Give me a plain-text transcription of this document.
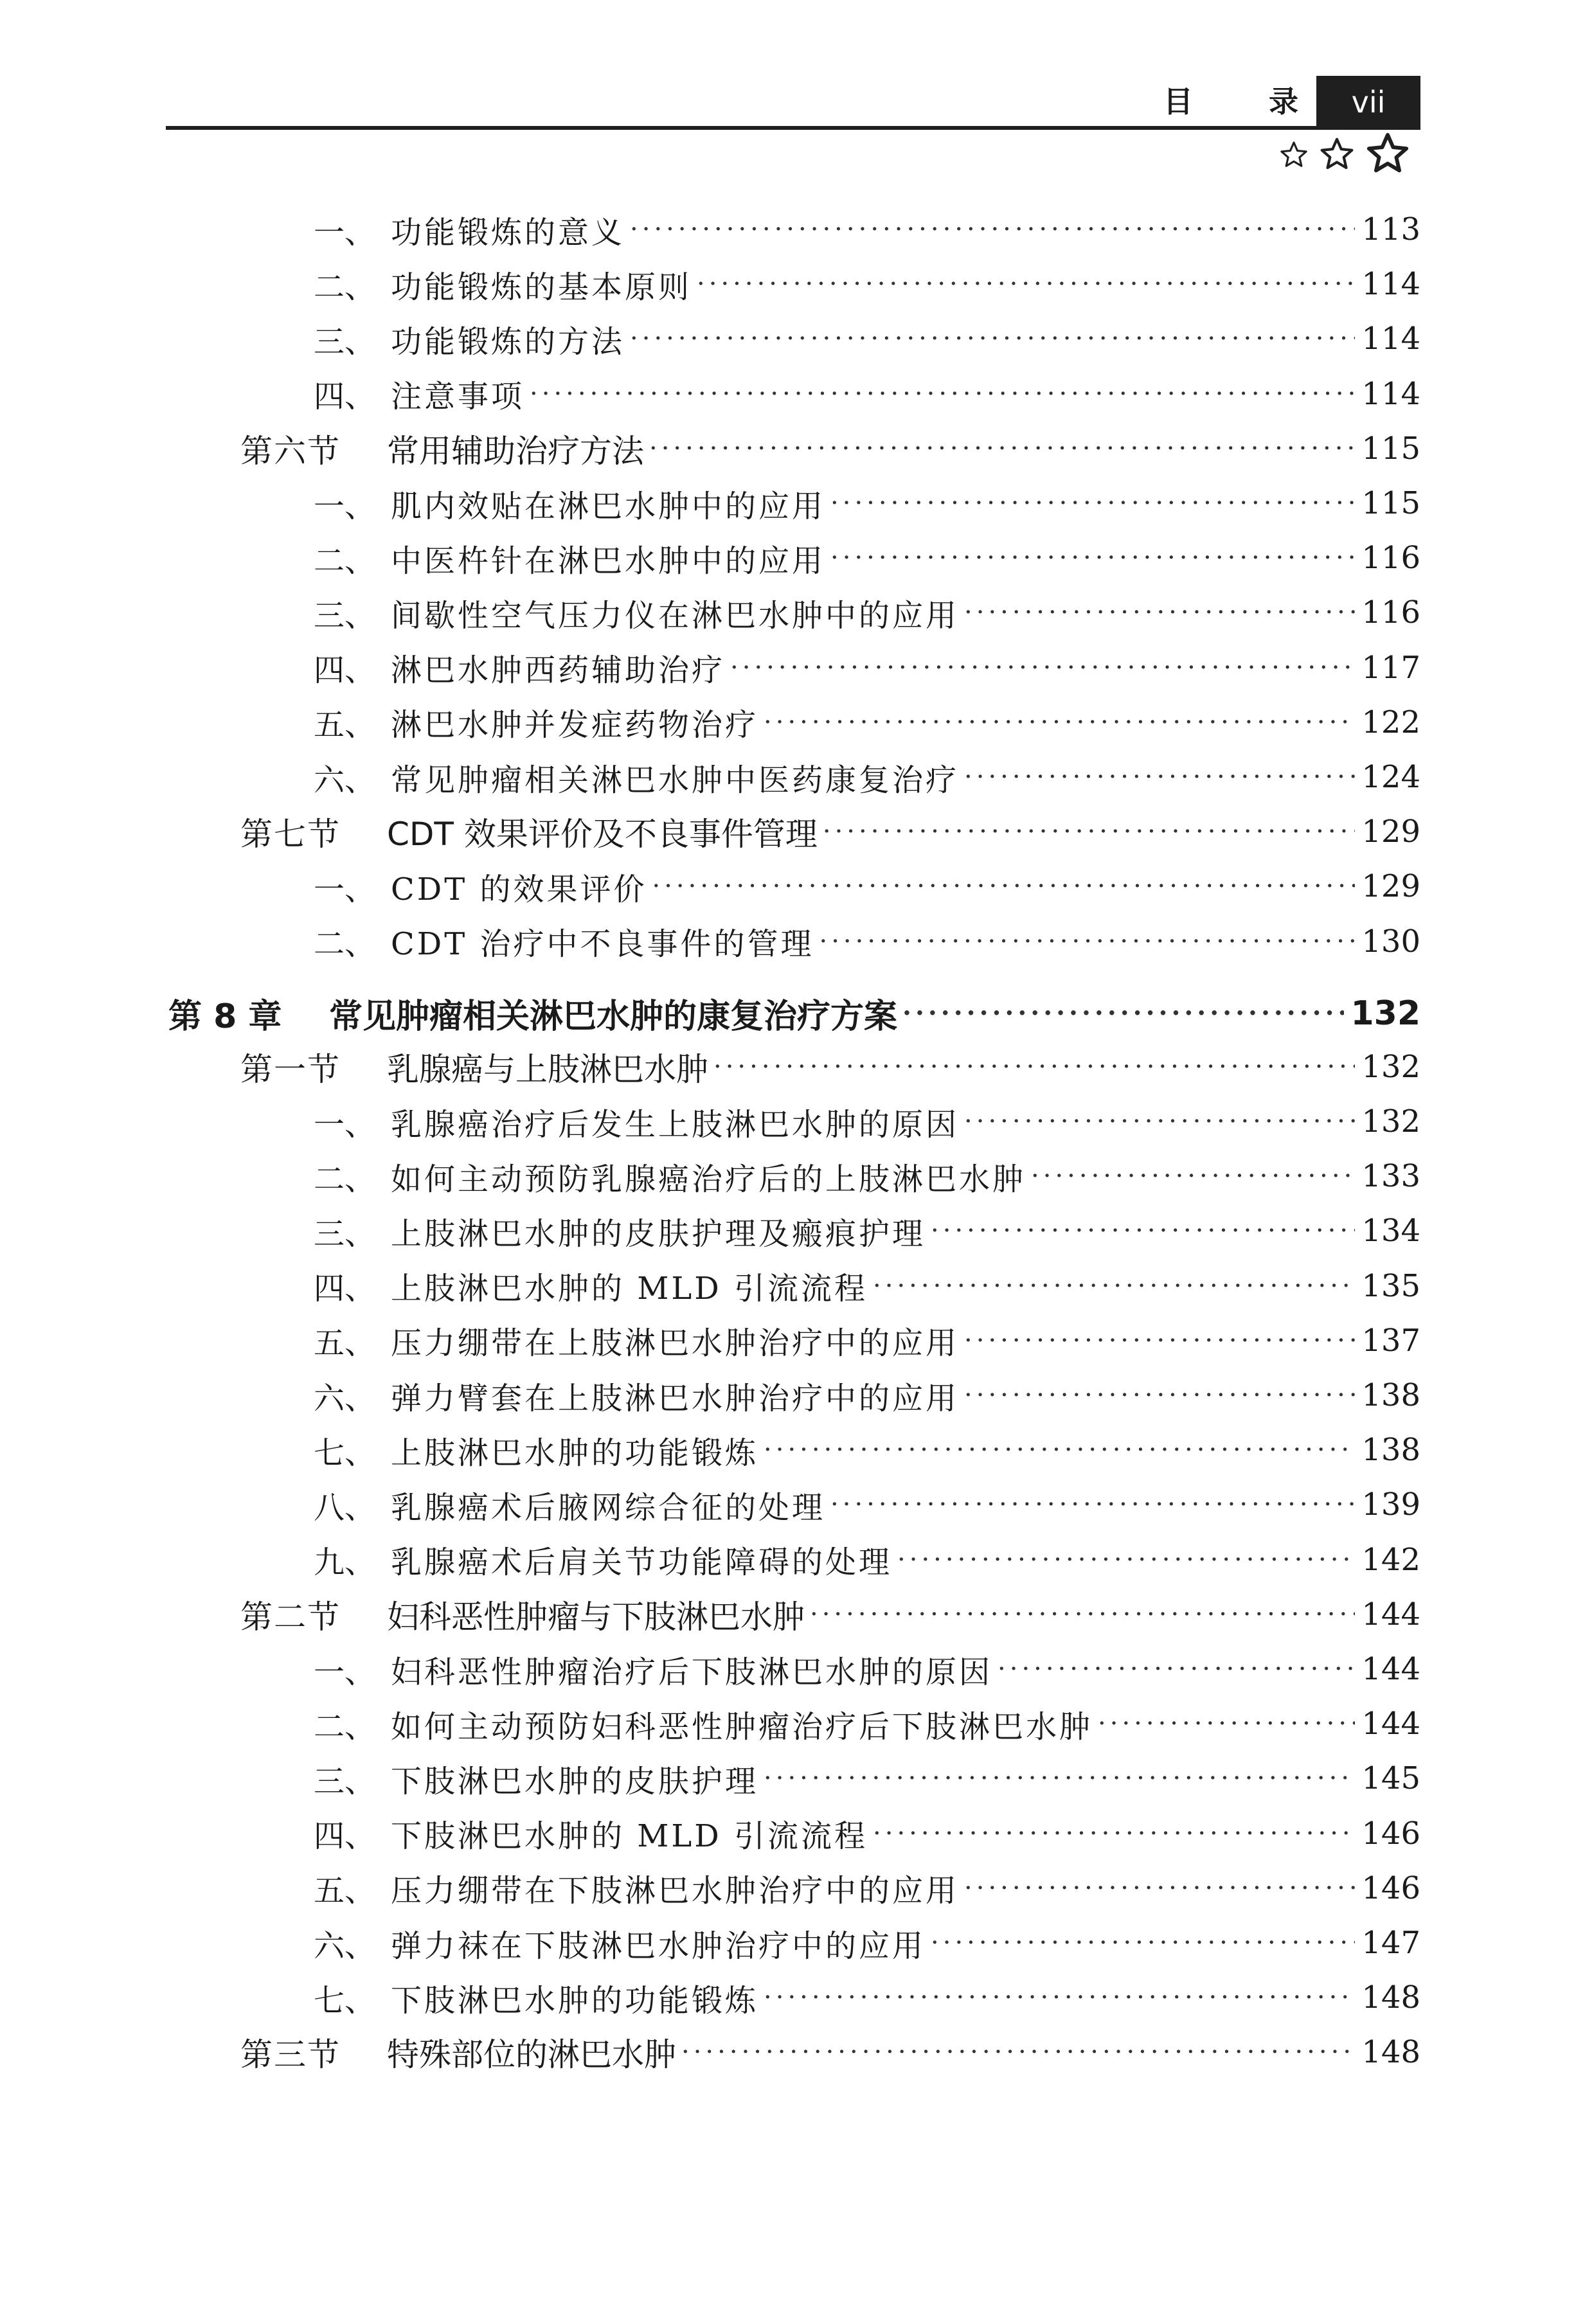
目	录	vii
一、 功能锻炼的意义 ·····	113
二、 功能锻炼的基本原则 ·····	114
三、 功能锻炼的方法 ·····	114
四、 注意事项 ·····	114
第六节	常用辅助治疗方法 ·····	115
一、 肌内效贴在淋巴水肿中的应用 ·····	115
二、 中医杵针在淋巴水肿中的应用 ·····	116
三、 间歇性空气压力仪在淋巴水肿中的应用 ·····	116
四、 淋巴水肿西药辅助治疗 ·····	117
五、 淋巴水肿并发症药物治疗 ·····	122
六、 常见肿瘤相关淋巴水肿中医药康复治疗 ·····	124
第七节	CDT 效果评价及不良事件管理 ·····	129
一、 CDT 的效果评价 ·····	129
二、 CDT 治疗中不良事件的管理 ·····	130
第 8 章	常见肿瘤相关淋巴水肿的康复治疗方案 ·····	132
第一节	乳腺癌与上肢淋巴水肿 ·····	132
一、 乳腺癌治疗后发生上肢淋巴水肿的原因 ·····	132
二、 如何主动预防乳腺癌治疗后的上肢淋巴水肿 ·····	133
三、 上肢淋巴水肿的皮肤护理及瘢痕护理 ·····	134
四、 上肢淋巴水肿的 MLD 引流流程 ·····	135
五、 压力绷带在上肢淋巴水肿治疗中的应用 ·····	137
六、 弹力臂套在上肢淋巴水肿治疗中的应用 ·····	138
七、 上肢淋巴水肿的功能锻炼 ·····	138
八、 乳腺癌术后腋网综合征的处理 ·····	139
九、 乳腺癌术后肩关节功能障碍的处理 ·····	142
第二节	妇科恶性肿瘤与下肢淋巴水肿 ·····	144
一、 妇科恶性肿瘤治疗后下肢淋巴水肿的原因 ·····	144
二、 如何主动预防妇科恶性肿瘤治疗后下肢淋巴水肿 ·····	144
三、 下肢淋巴水肿的皮肤护理 ·····	145
四、 下肢淋巴水肿的 MLD 引流流程 ·····	146
五、 压力绷带在下肢淋巴水肿治疗中的应用 ·····	146
六、 弹力袜在下肢淋巴水肿治疗中的应用 ·····	147
七、 下肢淋巴水肿的功能锻炼 ·····	148
第三节	特殊部位的淋巴水肿 ·····	148
